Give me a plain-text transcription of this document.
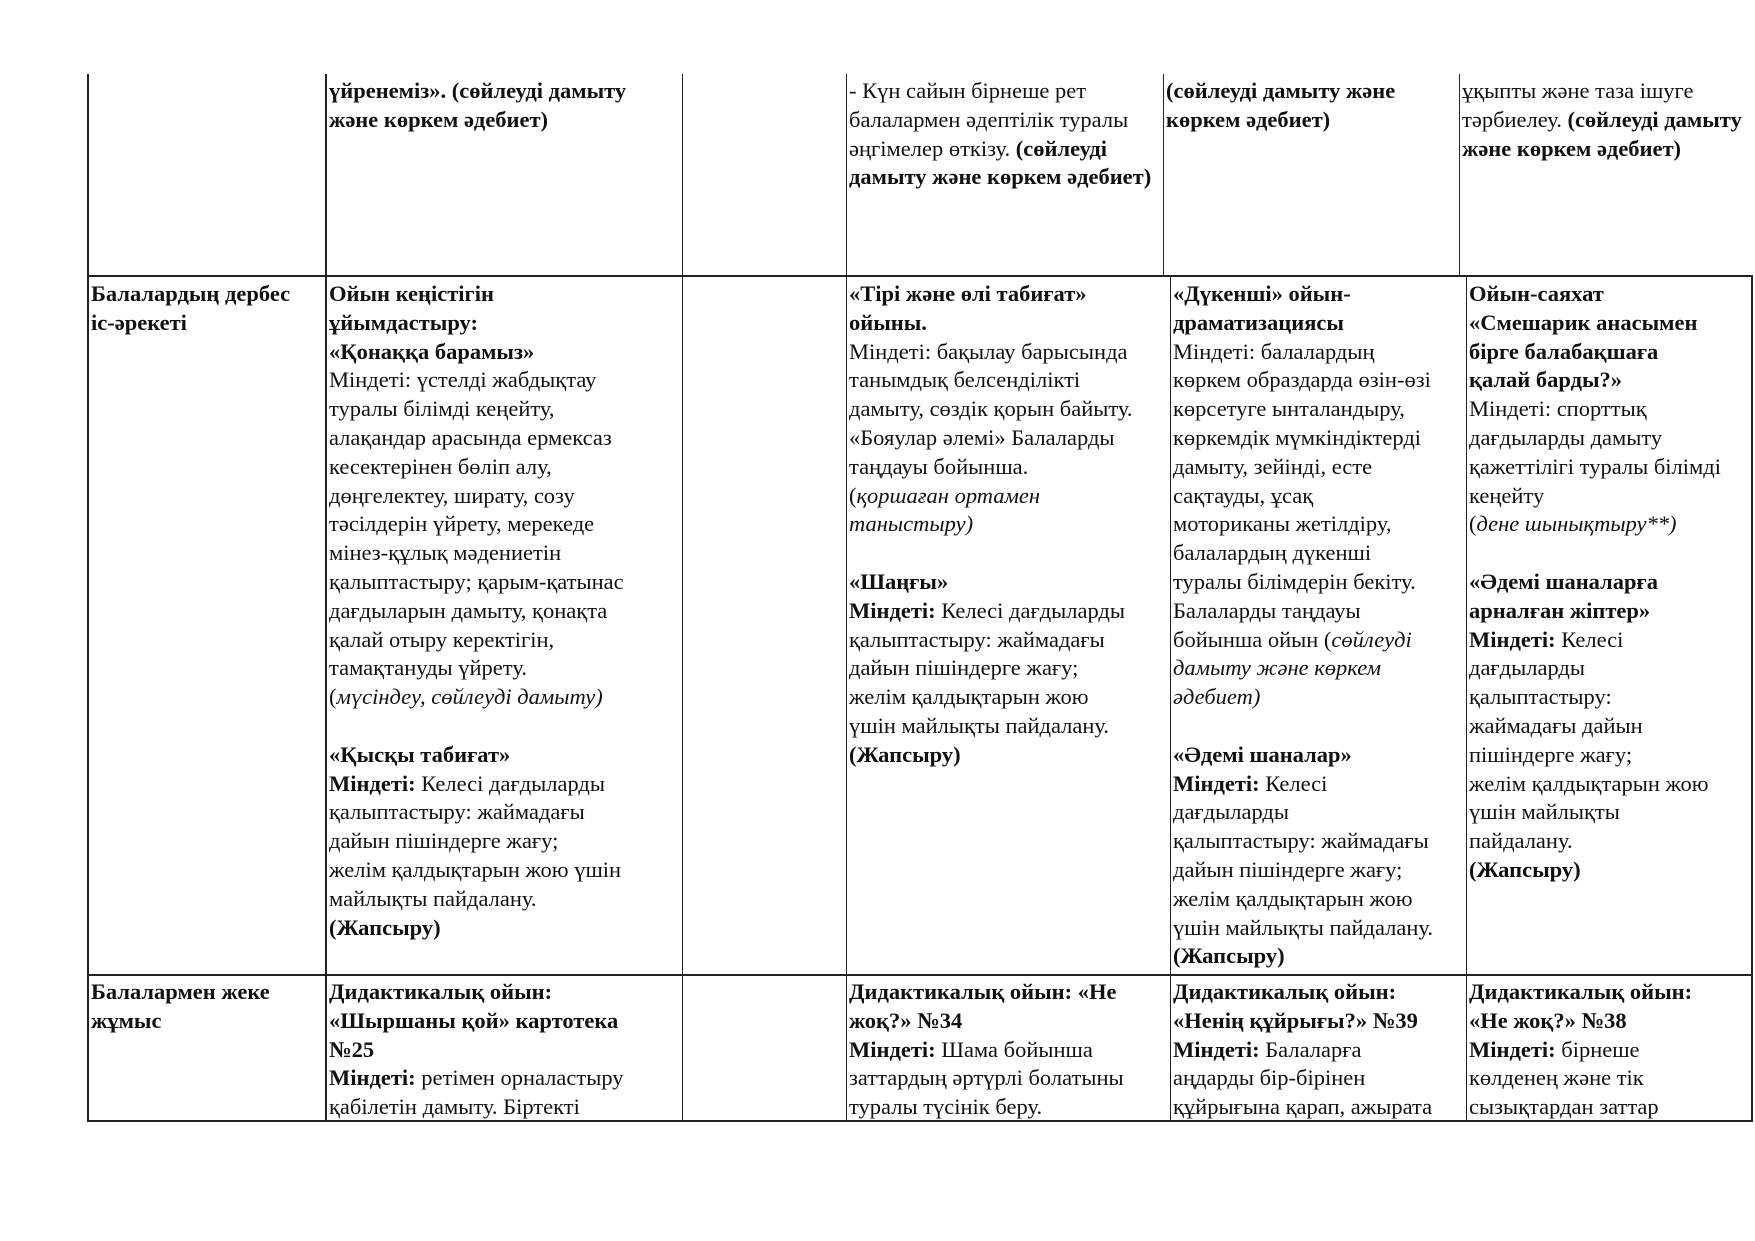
үйренеміз». (сөйлеуді дамыту
және көркем әдебиет)
- Күн сайын бірнеше рет
балалармен әдептілік туралы
әңгімелер өткізу. (сөйлеуді
дамыту және көркем әдебиет)
(сөйлеуді дамыту және
көркем әдебиет)
ұқыпты және таза ішуге
тәрбиелеу. (сөйлеуді дамыту
және көркем әдебиет)
Балалардың дербес
іс-әрекеті
Ойын кеңістігін
ұйымдастыру:
«Қонаққа барамыз»
Міндеті: үстелді жабдықтау
туралы білімді кеңейту,
алақандар арасында ермексаз
кесектерінен бөліп алу,
дөңгелектеу, ширату, созу
тәсілдерін үйрету, мерекеде
мінез-құлық мәдениетін
қалыптастыру; қарым-қатынас
дағдыларын дамыту, қонақта
қалай отыру керектігін,
тамақтануды үйрету.
(мүсіндеу, сөйлеуді дамыту)
«Қысқы табиғат»
Міндеті: Келесі дағдыларды
қалыптастыру: жаймадағы
дайын пішіндерге жағу;
желім қалдықтарын жою үшін
майлықты пайдалану.
(Жапсыру)
«Тірі және өлі табиғат»
ойыны.
Міндеті: бақылау барысында
танымдық белсенділікті
дамыту, сөздік қорын байыту.
«Бояулар әлемі» Балаларды
таңдауы бойынша.
(қоршаған ортамен
таныстыру)
«Шаңғы»
Міндеті: Келесі дағдыларды
қалыптастыру: жаймадағы
дайын пішіндерге жағу;
желім қалдықтарын жою
үшін майлықты пайдалану.
(Жапсыру)
«Дүкенші» ойын-
драматизациясы
Міндеті: балалардың
көркем образдарда өзін-өзі
көрсетуге ынталандыру,
көркемдік мүмкіндіктерді
дамыту, зейінді, есте
сақтауды, ұсақ
моториканы жетілдіру,
балалардың дүкенші
туралы білімдерін бекіту.
Балаларды таңдауы
бойынша ойын (сөйлеуді
дамыту және көркем
әдебиет)
«Әдемі шаналар»
Міндеті: Келесі
дағдыларды
қалыптастыру: жаймадағы
дайын пішіндерге жағу;
желім қалдықтарын жою
үшін майлықты пайдалану.
(Жапсыру)
Ойын-саяхат
«Смешарик анасымен
бірге балабақшаға
қалай барды?»
Міндеті: спорттық
дағдыларды дамыту
қажеттілігі туралы білімді
кеңейту
(дене шынықтыру**)
«Әдемі шаналарға
арналған жіптер»
Міндеті: Келесі
дағдыларды
қалыптастыру:
жаймадағы дайын
пішіндерге жағу;
желім қалдықтарын жою
үшін майлықты
пайдалану.
(Жапсыру)
Балалармен жеке
жұмыс
Дидактикалық ойын:
«Шыршаны қой» картотека
№25
Міндеті: ретімен орналастыру
қабілетін дамыту. Біртекті
Дидактикалық ойын: «Не
жоқ?» №34
Міндеті: Шама бойынша
заттардың әртүрлі болатыны
туралы түсінік беру.
Дидактикалық ойын:
«Ненің құйрығы?» №39
Міндеті: Балаларға
аңдарды бір-бірінен
құйрығына қарап, ажырата
Дидактикалық ойын:
«Не жоқ?» №38
Міндеті: бірнеше
көлденең және тік
сызықтардан заттар
